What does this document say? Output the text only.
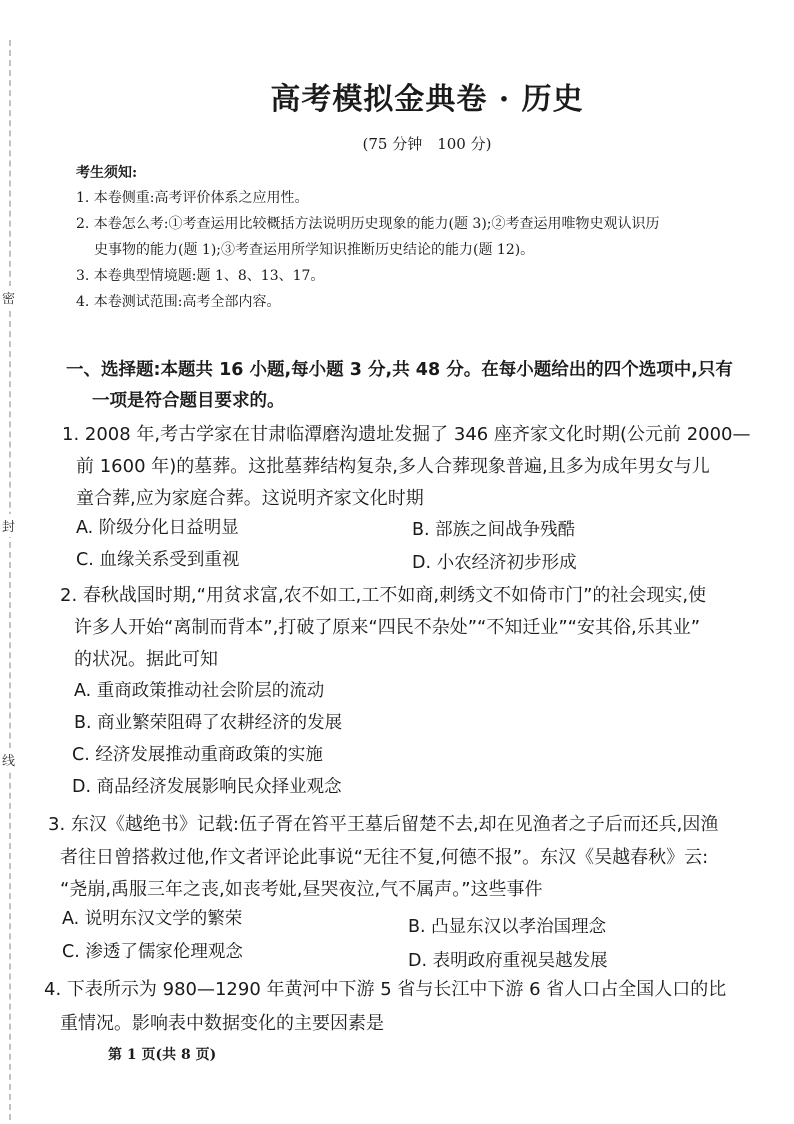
密
封
线
高考模拟金典卷 · 历史
(75 分钟　100 分)
考生须知:
1. 本卷侧重:高考评价体系之应用性。
2. 本卷怎么考:①考查运用比较概括方法说明历史现象的能力(题 3);②考查运用唯物史观认识历
史事物的能力(题 1);③考查运用所学知识推断历史结论的能力(题 12)。
3. 本卷典型情境题:题 1、8、13、17。
4. 本卷测试范围:高考全部内容。
一、选择题:本题共 16 小题,每小题 3 分,共 48 分。在每小题给出的四个选项中,只有
一项是符合题目要求的。
1. 2008 年,考古学家在甘肃临潭磨沟遗址发掘了 346 座齐家文化时期(公元前 2000—
前 1600 年)的墓葬。这批墓葬结构复杂,多人合葬现象普遍,且多为成年男女与儿
童合葬,应为家庭合葬。这说明齐家文化时期
A. 阶级分化日益明显	B. 部族之间战争残酷
C. 血缘关系受到重视	D. 小农经济初步形成
2. 春秋战国时期,“用贫求富,农不如工,工不如商,刺绣文不如倚市门”的社会现实,使
许多人开始“离制而背本”,打破了原来“四民不杂处”“不知迁业”“安其俗,乐其业”
的状况。据此可知
A. 重商政策推动社会阶层的流动
B. 商业繁荣阻碍了农耕经济的发展
C. 经济发展推动重商政策的实施
D. 商品经济发展影响民众择业观念
3. 东汉《越绝书》记载:伍子胥在笞平王墓后留楚不去,却在见渔者之子后而还兵,因渔
者往日曾搭救过他,作文者评论此事说“无往不复,何德不报”。东汉《吴越春秋》云:
“尧崩,禹服三年之丧,如丧考妣,昼哭夜泣,气不属声。”这些事件
A. 说明东汉文学的繁荣	B. 凸显东汉以孝治国理念
C. 渗透了儒家伦理观念	D. 表明政府重视吴越发展
4. 下表所示为 980—1290 年黄河中下游 5 省与长江中下游 6 省人口占全国人口的比
重情况。影响表中数据变化的主要因素是
第 1 页(共 8 页)
